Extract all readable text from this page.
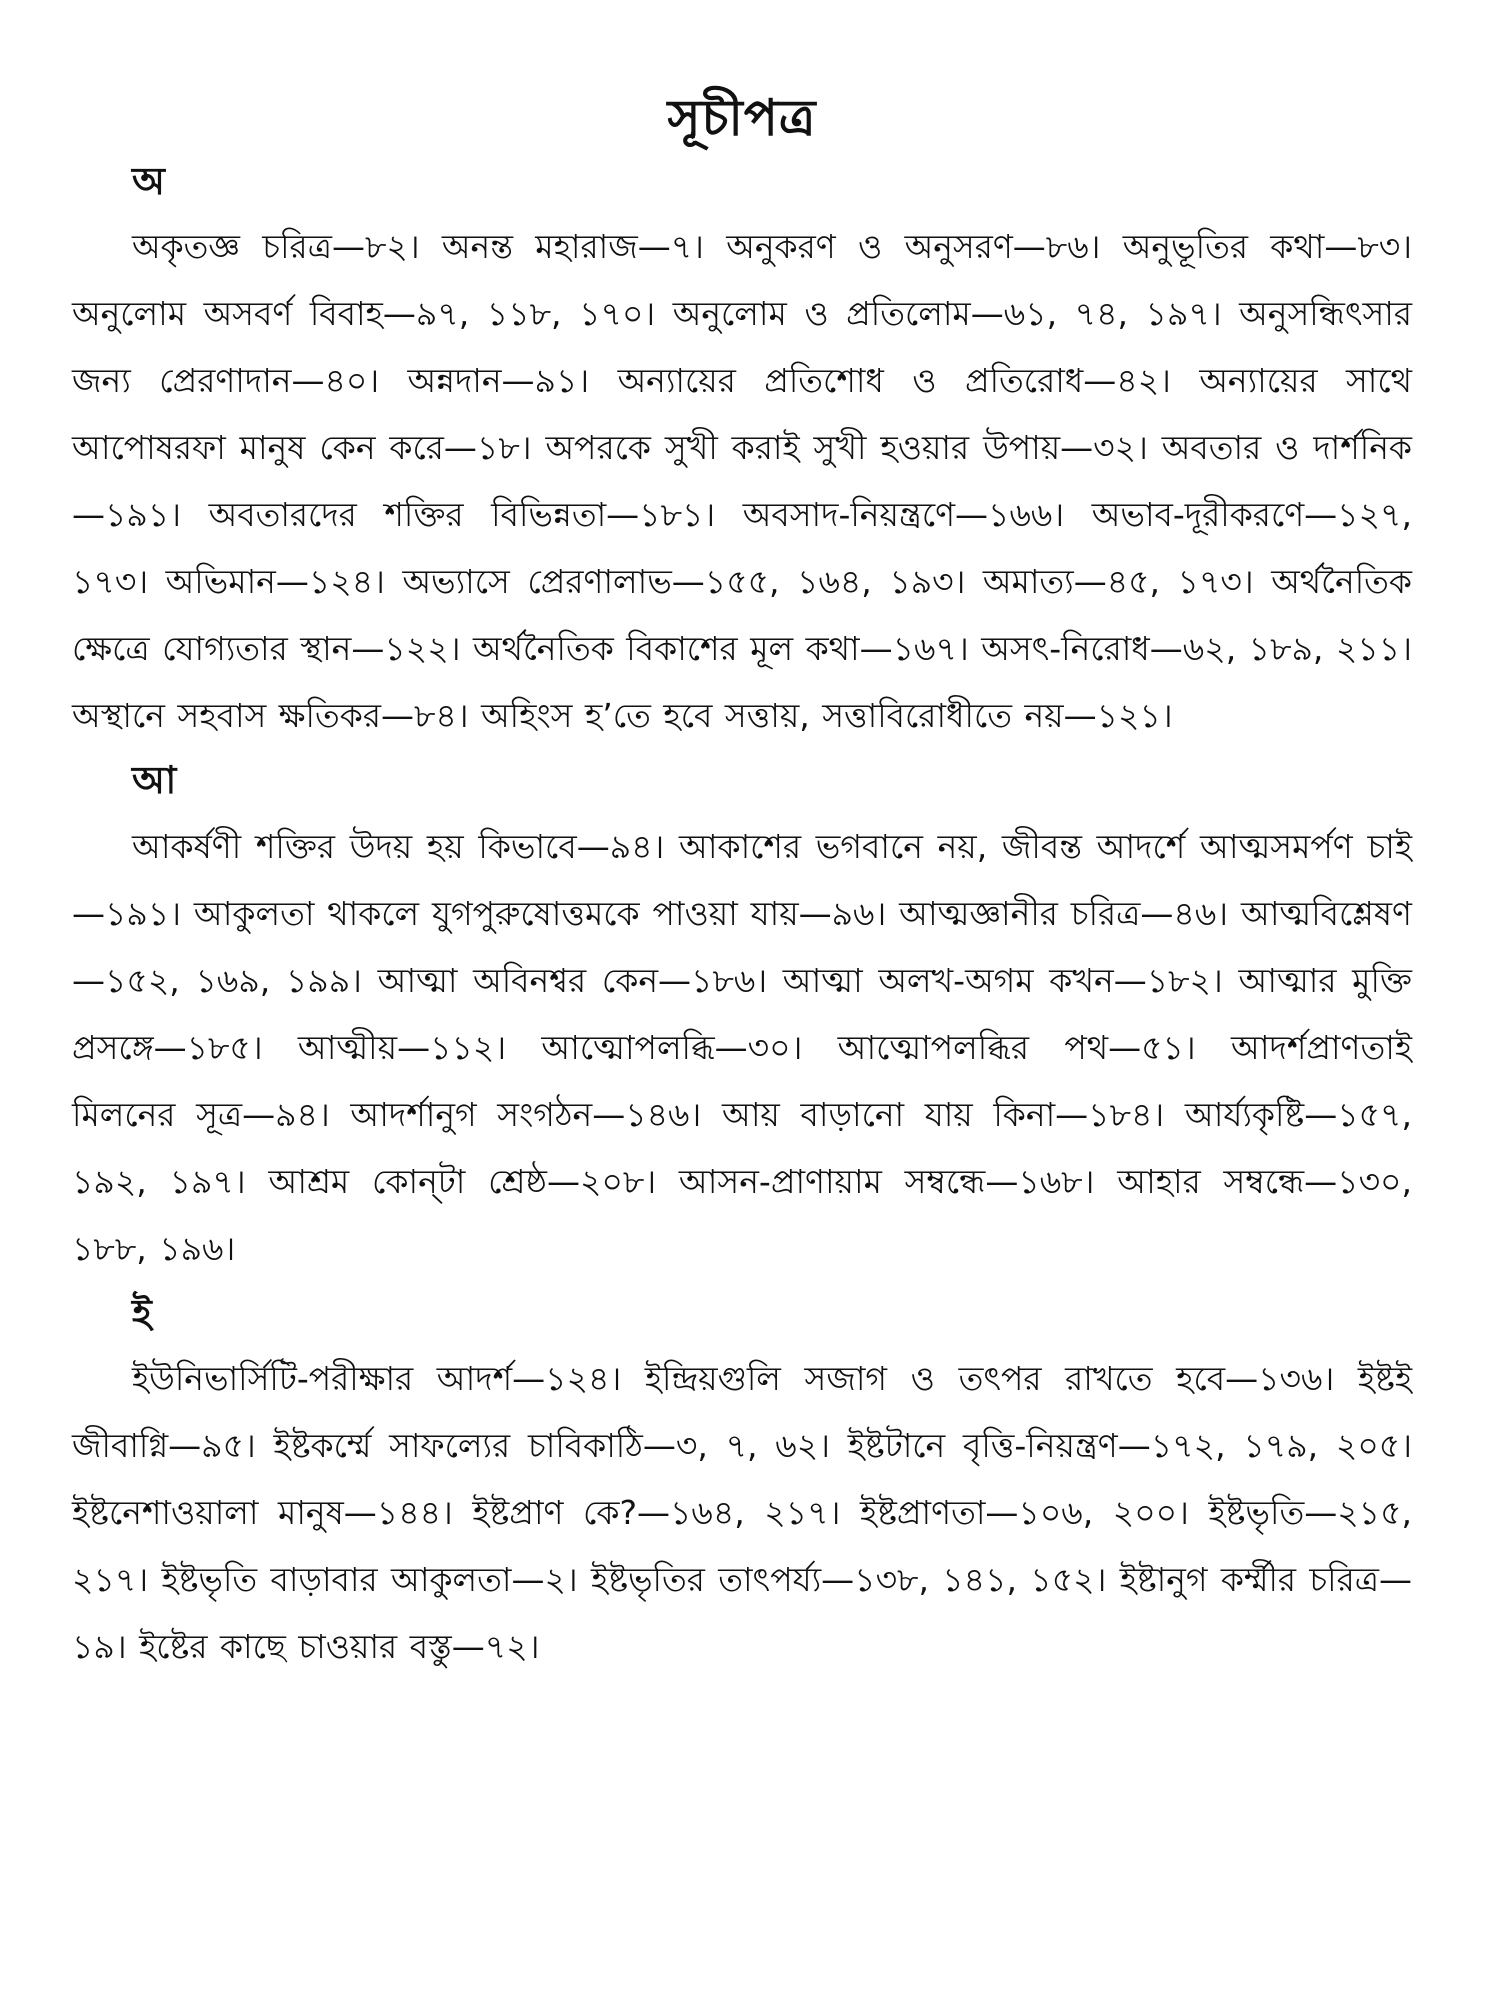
সূচীপত্র
অ

অকৃতজ্ঞ চরিত্র—৮২। অনন্ত মহারাজ—৭। অনুকরণ ও অনুসরণ—৮৬। অনুভূতির কথা—৮৩। অনুলোম অসবর্ণ বিবাহ—৯৭, ১১৮, ১৭০। অনুলোম ও প্রতিলোম—৬১, ৭৪, ১৯৭। অনুসন্ধিৎসার জন্য প্রেরণাদান—৪০। অন্নদান—৯১। অন্যায়ের প্রতিশোধ ও প্রতিরোধ—৪২। অন্যায়ের সাথে আপোষরফা মানুষ কেন করে—১৮। অপরকে সুখী করাই সুখী হওয়ার উপায়—৩২। অবতার ও দার্শনিক—১৯১। অবতারদের শক্তির বিভিন্নতা—১৮১। অবসাদ-নিয়ন্ত্রণে—১৬৬। অভাব-দূরীকরণে—১২৭, ১৭৩। অভিমান—১২৪। অভ্যাসে প্রেরণালাভ—১৫৫, ১৬৪, ১৯৩। অমাত্য—৪৫, ১৭৩। অর্থনৈতিক ক্ষেত্রে যোগ্যতার স্থান—১২২। অর্থনৈতিক বিকাশের মূল কথা—১৬৭। অসৎ-নিরোধ—৬২, ১৮৯, ২১১। অস্থানে সহবাস ক্ষতিকর—৮৪। অহিংস হ’তে হবে সত্তায়, সত্তাবিরোধীতে নয়—১২১।

আ

আকর্ষণী শক্তির উদয় হয় কিভাবে—৯৪। আকাশের ভগবানে নয়, জীবন্ত আদর্শে আত্মসমর্পণ চাই—১৯১। আকুলতা থাকলে যুগপুরুষোত্তমকে পাওয়া যায়—৯৬। আত্মজ্ঞানীর চরিত্র—৪৬। আত্মবিশ্লেষণ—১৫২, ১৬৯, ১৯৯। আত্মা অবিনশ্বর কেন—১৮৬। আত্মা অলখ-অগম কখন—১৮২। আত্মার মুক্তি প্রসঙ্গে—১৮৫। আত্মীয়—১১২। আত্মোপলব্ধি—৩০। আত্মোপলব্ধির পথ—৫১। আদর্শপ্রাণতাই মিলনের সূত্র—৯৪। আদর্শানুগ সংগঠন—১৪৬। আয় বাড়ানো যায় কিনা—১৮৪। আর্য্যকৃষ্টি—১৫৭, ১৯২, ১৯৭। আশ্রম কোন্‌টা শ্রেষ্ঠ—২০৮। আসন-প্রাণায়াম সম্বন্ধে—১৬৮। আহার সম্বন্ধে—১৩০, ১৮৮, ১৯৬।

ই

ইউনিভার্সিটি-পরীক্ষার আদর্শ—১২৪। ইন্দ্রিয়গুলি সজাগ ও তৎপর রাখতে হবে—১৩৬। ইষ্টই জীবাগ্নি—৯৫। ইষ্টকর্ম্মে সাফল্যের চাবিকাঠি—৩, ৭, ৬২। ইষ্টটানে বৃত্তি-নিয়ন্ত্রণ—১৭২, ১৭৯, ২০৫। ইষ্টনেশাওয়ালা মানুষ—১৪৪। ইষ্টপ্রাণ কে?—১৬৪, ২১৭। ইষ্টপ্রাণতা—১০৬, ২০০। ইষ্টভৃতি—২১৫, ২১৭। ইষ্টভৃতি বাড়াবার আকুলতা—২। ইষ্টভৃতির তাৎপর্য্য—১৩৮, ১৪১, ১৫২। ইষ্টানুগ কর্ম্মীর চরিত্র—১৯। ইষ্টের কাছে চাওয়ার বস্তু—৭২।
